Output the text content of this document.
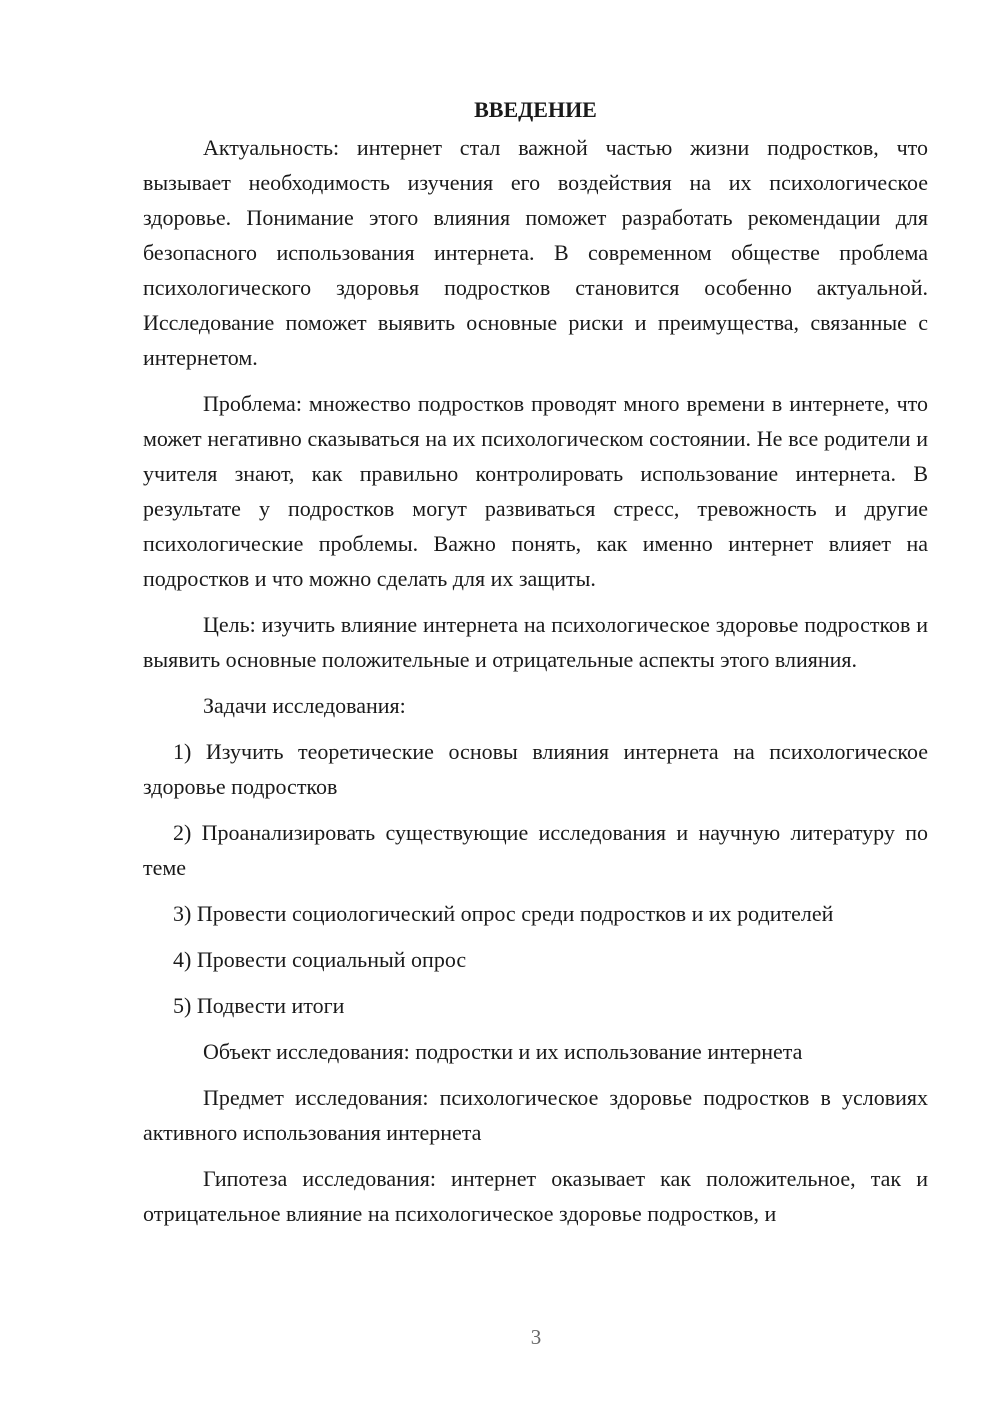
ВВЕДЕНИЕ

Актуальность: интернет стал важной частью жизни подростков, что вызывает необходимость изучения его воздействия на их психологическое здоровье. Понимание этого влияния поможет разработать рекомендации для безопасного использования интернета. В современном обществе проблема психологического здоровья подростков становится особенно актуальной. Исследование поможет выявить основные риски и преимущества, связанные с интернетом.

Проблема: множество подростков проводят много времени в интернете, что может негативно сказываться на их психологическом состоянии. Не все родители и учителя знают, как правильно контролировать использование интернета. В результате у подростков могут развиваться стресс, тревожность и другие психологические проблемы. Важно понять, как именно интернет влияет на подростков и что можно сделать для их защиты.

Цель: изучить влияние интернета на психологическое здоровье подростков и выявить основные положительные и отрицательные аспекты этого влияния.

Задачи исследования:

1) Изучить теоретические основы влияния интернета на психологическое здоровье подростков

2) Проанализировать существующие исследования и научную литературу по теме

3) Провести социологический опрос среди подростков и их родителей

4) Провести социальный опрос

5) Подвести итоги

Объект исследования: подростки и их использование интернета

Предмет исследования: психологическое здоровье подростков в условиях активного использования интернета

Гипотеза исследования: интернет оказывает как положительное, так и отрицательное влияние на психологическое здоровье подростков, и

3
